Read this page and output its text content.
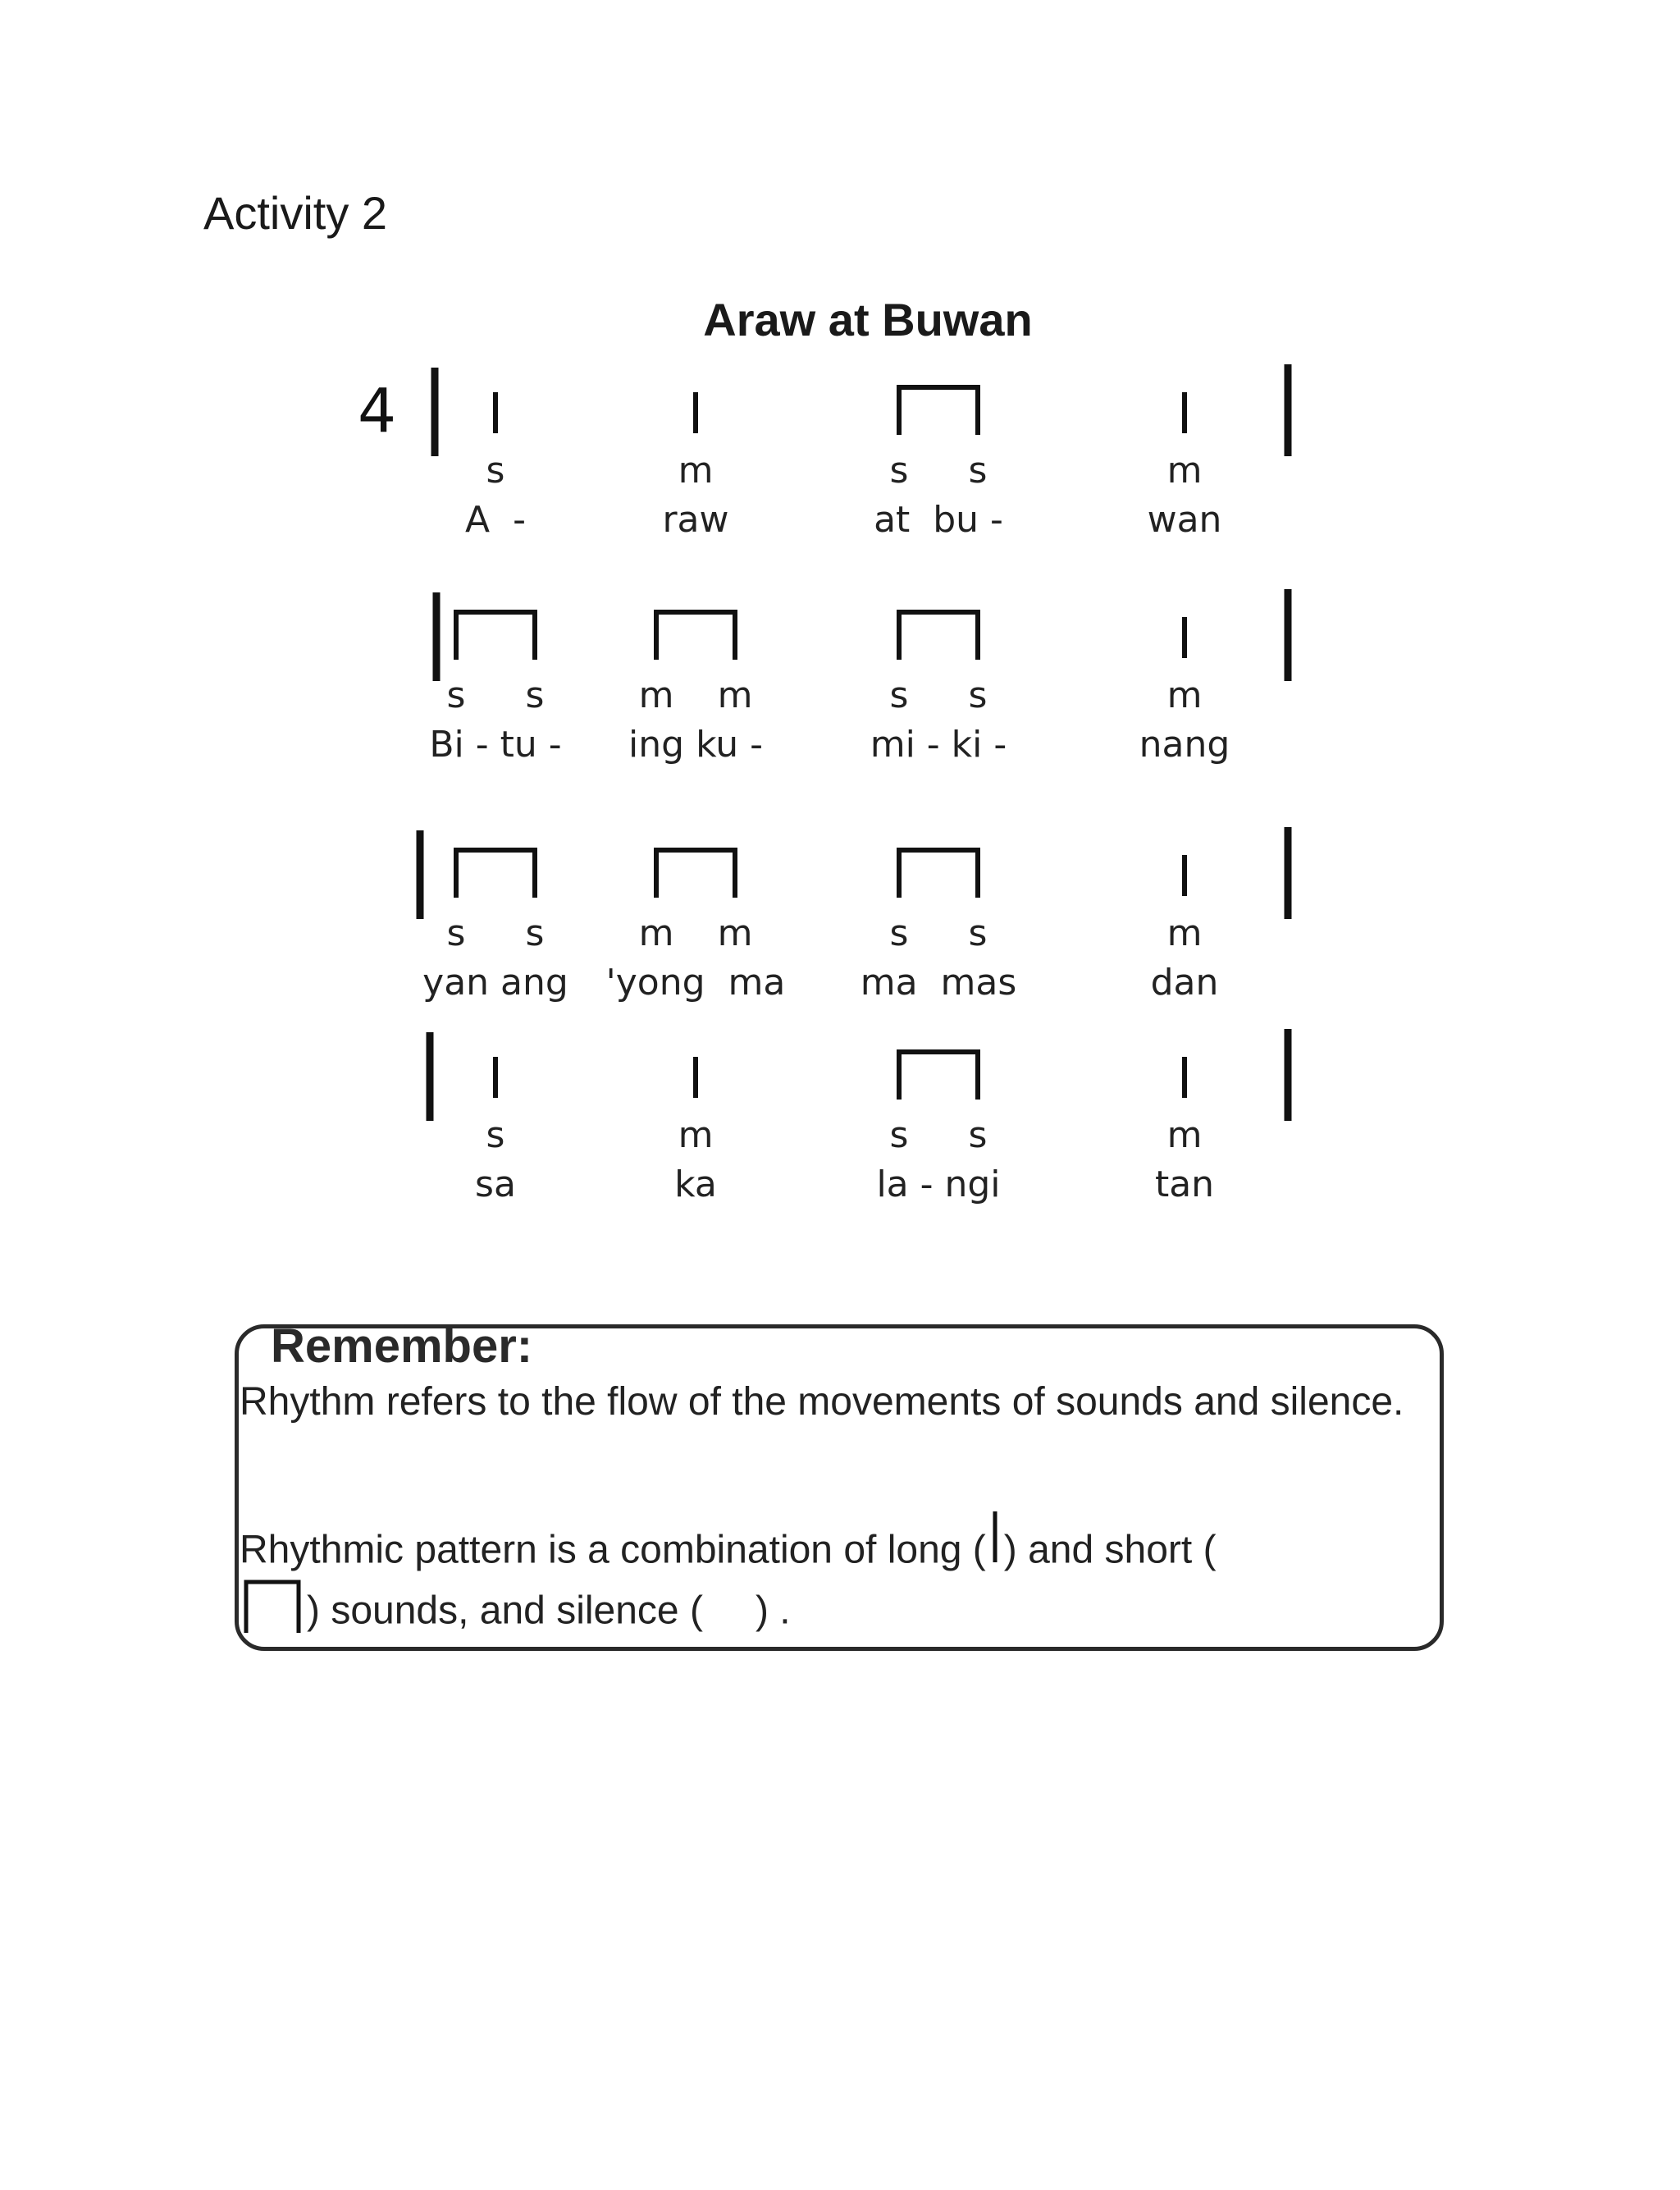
Activity 2
Araw at Buwan
4
s
A  -
m
raw
s s
at  bu -
m
wan
s s
Bi - tu -
m m
ing ku -
s s
mi - ki -
m
nang
s s
yan ang
m m
'yong  ma
s s
ma  mas
m
dan
s
sa
m
ka
s s
la - ngi
m
tan

Remember:

Rhythm refers to the flow of the movements of sounds and silence.

Rhythmic pattern is a combination of long ( ) and short (

) sounds, and silence ( ) .
